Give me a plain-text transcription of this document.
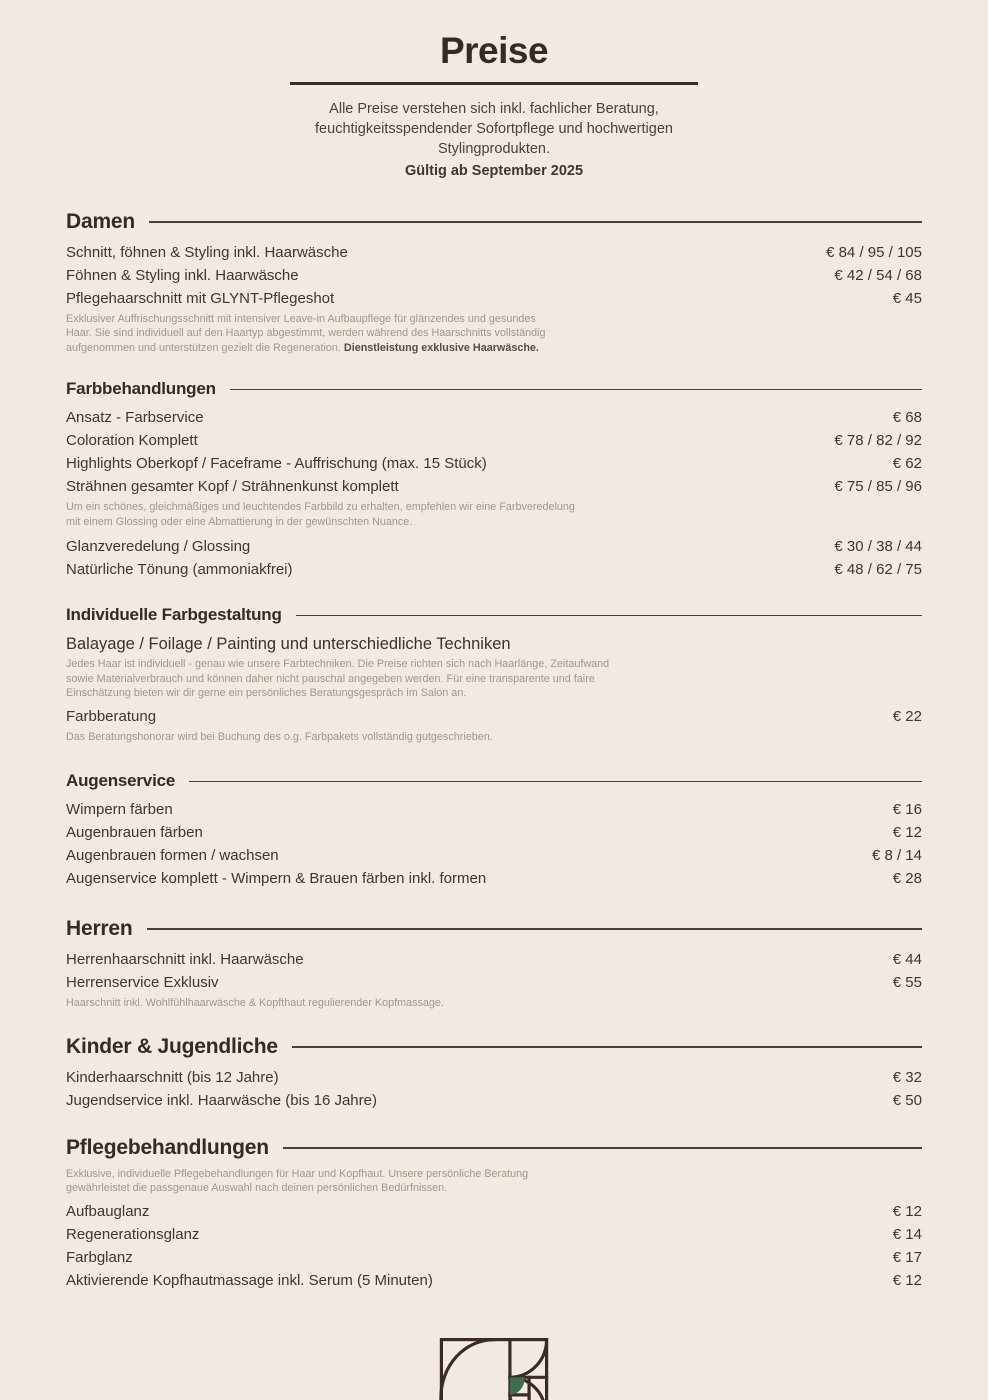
Preise
Alle Preise verstehen sich inkl. fachlicher Beratung, feuchtigkeitsspendender Sofortpflege und hochwertigen Stylingprodukten.
Gültig ab September 2025
Damen
Schnitt, föhnen & Styling inkl. Haarwäsche	€ 84 / 95 / 105
Föhnen & Styling inkl. Haarwäsche	€ 42 / 54 / 68
Pflegehaarschnitt mit GLYNT-Pflegeshot	€ 45

Exklusiver Auffrischungsschnitt mit intensiver Leave-in Aufbaupflege für glänzendes und gesundes Haar. Sie sind individuell auf den Haartyp abgestimmt, werden während des Haarschnitts vollständig aufgenommen und unterstützen gezielt die Regeneration. Dienstleistung exklusive Haarwäsche.

Farbbehandlungen
Ansatz - Farbservice	€ 68
Coloration Komplett	€ 78 / 82 / 92
Highlights Oberkopf / Faceframe - Auffrischung (max. 15 Stück)	€ 62
Strähnen gesamter Kopf / Strähnenkunst komplett	€ 75 / 85 / 96

Um ein schönes, gleichmäßiges und leuchtendes Farbbild zu erhalten, empfehlen wir eine Farbveredelung mit einem Glossing oder eine Abmattierung in der gewünschten Nuance.

Glanzveredelung / Glossing	€ 30 / 38 / 44
Natürliche Tönung (ammoniakfrei)	€ 48 / 62 / 75
Individuelle Farbgestaltung
Balayage / Foilage / Painting und unterschiedliche Techniken

Jedes Haar ist individuell - genau wie unsere Farbtechniken. Die Preise richten sich nach Haarlänge, Zeitaufwand sowie Materialverbrauch und können daher nicht pauschal angegeben werden. Für eine transparente und faire Einschätzung bieten wir dir gerne ein persönliches Beratungsgespräch im Salon an.

Farbberatung	€ 22

Das Beratungshonorar wird bei Buchung des o.g. Farbpakets vollständig gutgeschrieben.

Augenservice
Wimpern färben	€ 16
Augenbrauen färben	€ 12
Augenbrauen formen / wachsen	€ 8 / 14
Augenservice komplett - Wimpern & Brauen färben inkl. formen	€ 28
Herren
Herrenhaarschnitt inkl. Haarwäsche	€ 44
Herrenservice Exklusiv	€ 55

Haarschnitt inkl. Wohlfühlhaarwäsche & Kopfthaut regulierender Kopfmassage.

Kinder & Jugendliche
Kinderhaarschnitt (bis 12 Jahre)	€ 32
Jugendservice inkl. Haarwäsche (bis 16 Jahre)	€ 50
Pflegebehandlungen

Exklusive, individuelle Pflegebehandlungen für Haar und Kopfhaut. Unsere persönliche Beratung gewährleistet die passgenaue Auswahl nach deinen persönlichen Bedürfnissen.

Aufbauglanz	€ 12
Regenerationsglanz	€ 14
Farbglanz	€ 17
Aktivierende Kopfhautmassage inkl. Serum (5 Minuten)	€ 12
